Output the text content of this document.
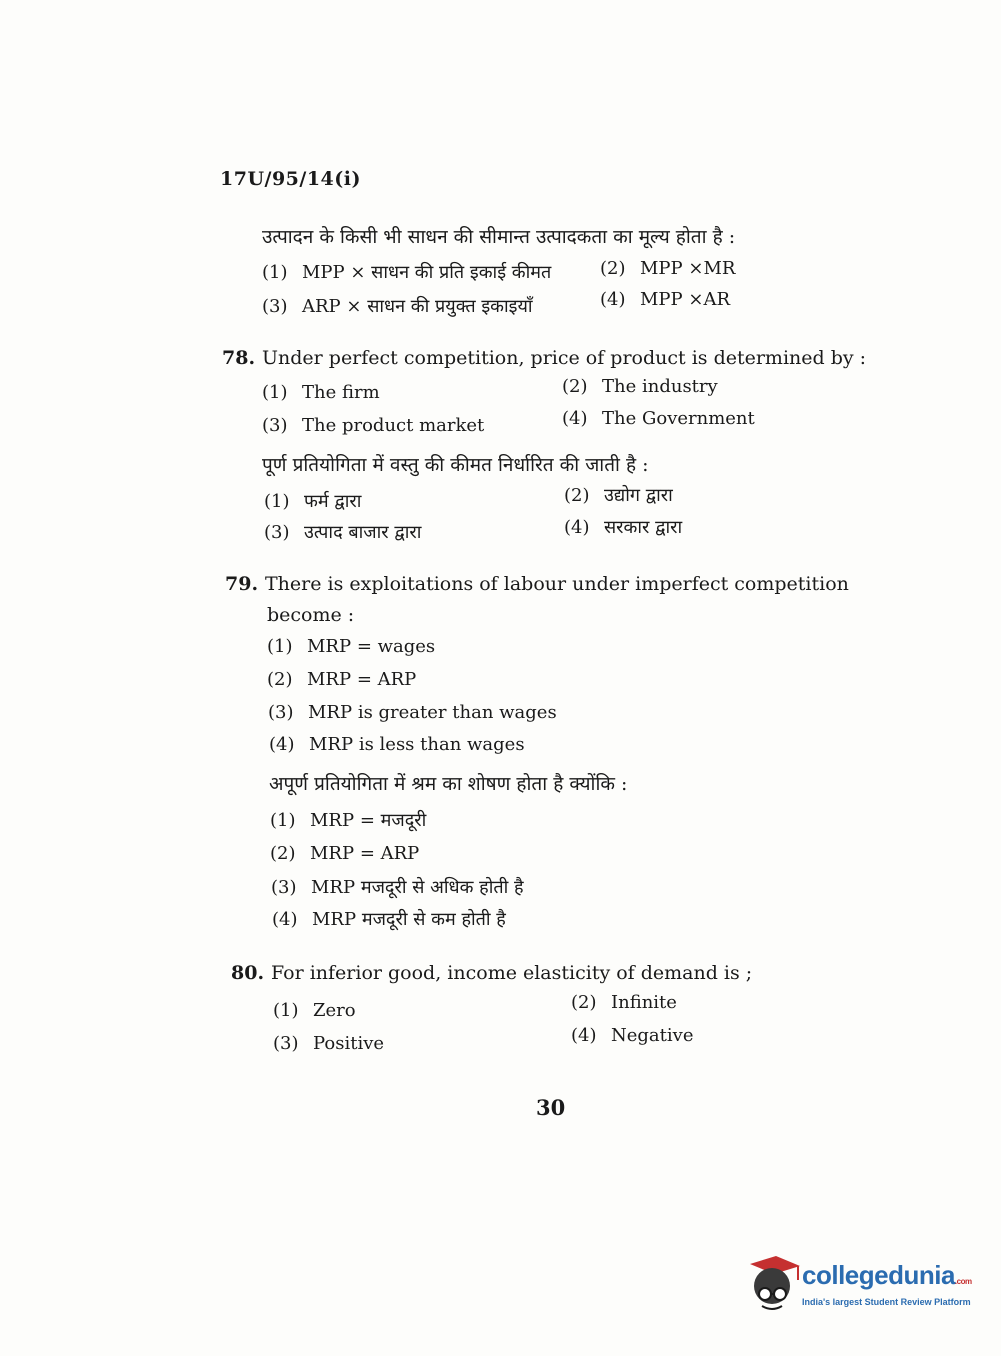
17U/95/14(i)
उत्पादन के किसी भी साधन की सीमान्त उत्पादकता का मूल्य होता है :
(1) MPP × साधन की प्रति इकाई कीमत	(2) MPP ×MR
(3) ARP × साधन की प्रयुक्त इकाइयाँ	(4) MPP ×AR
78. Under perfect competition, price of product is determined by :
(1) The firm	(2) The industry
(3) The product market	(4) The Government
पूर्ण प्रतियोगिता में वस्तु की कीमत निर्धारित की जाती है :
(1) फर्म द्वारा	(2) उद्योग द्वारा
(3) उत्पाद बाजार द्वारा	(4) सरकार द्वारा
79. There is exploitations of labour under imperfect competition
become :
(1) MRP = wages
(2) MRP = ARP
(3) MRP is greater than wages
(4) MRP is less than wages
अपूर्ण प्रतियोगिता में श्रम का शोषण होता है क्योंकि :
(1) MRP = मजदूरी
(2) MRP = ARP
(3) MRP मजदूरी से अधिक होती है
(4) MRP मजदूरी से कम होती है
80. For inferior good, income elasticity of demand is ;
(1) Zero	(2) Infinite
(3) Positive	(4) Negative
30
collegedunia.com
India's largest Student Review Platform
